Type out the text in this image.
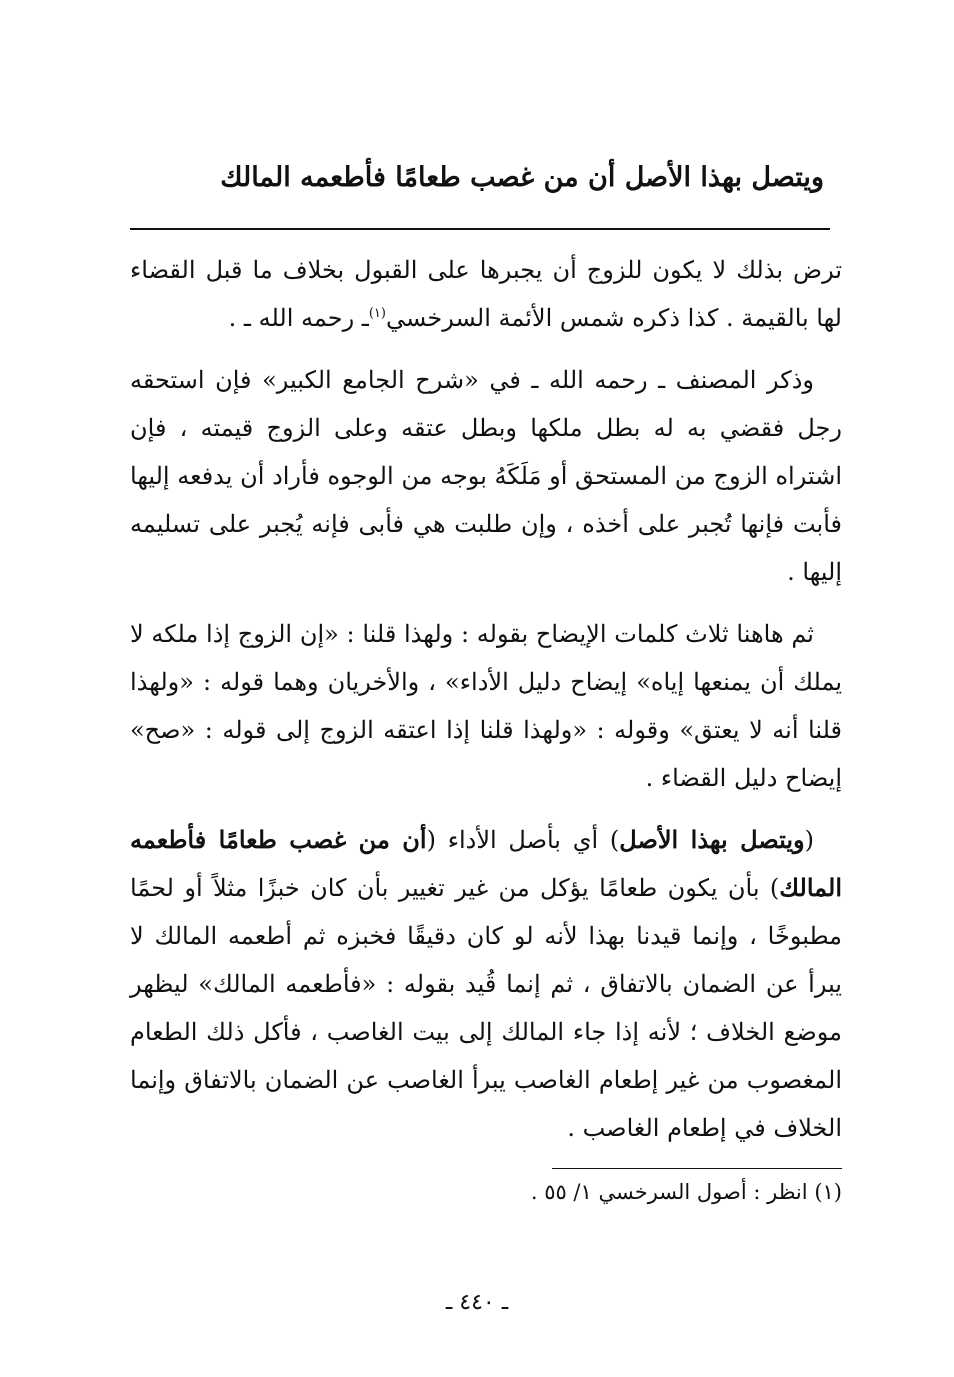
ويتصل بهذا الأصل أن من غصب طعامًا فأطعمه المالك

ترض بذلك لا يكون للزوج أن يجبرها على القبول بخلاف ما قبل القضاء لها بالقيمة . كذا ذكره شمس الأئمة السرخسي$^{(١)}$ـ رحمه الله ـ .

وذكر المصنف ـ رحمه الله ـ في «شرح الجامع الكبير» فإن استحقه رجل فقضي به له بطل ملكها وبطل عتقه وعلى الزوج قيمته ، فإن اشتراه الزوج من المستحق أو مَلَكَهُ بوجه من الوجوه فأراد أن يدفعه إليها فأبت فإنها تُجبر على أخذه ، وإن طلبت هي فأبى فإنه يُجبر على تسليمه إليها .

ثم هاهنا ثلاث كلمات الإيضاح بقوله : ولهذا قلنا : «إن الزوج إذا ملكه لا يملك أن يمنعها إياه» إيضاح دليل الأداء» ، والأخريان وهما قوله : «ولهذا قلنا أنه لا يعتق» وقوله : «ولهذا قلنا إذا اعتقه الزوج إلى قوله : «صح» إيضاح دليل القضاء .

(ويتصل بهذا الأصل) أي بأصل الأداء (أن من غصب طعامًا فأطعمه المالك) بأن يكون طعامًا يؤكل من غير تغيير بأن كان خبزًا مثلاً أو لحمًا مطبوخًا ، وإنما قيدنا بهذا لأنه لو كان دقيقًا فخبزه ثم أطعمه المالك لا يبرأ عن الضمان بالاتفاق ، ثم إنما قُيد بقوله : «فأطعمه المالك» ليظهر موضع الخلاف ؛ لأنه إذا جاء المالك إلى بيت الغاصب ، فأكل ذلك الطعام المغصوب من غير إطعام الغاصب يبرأ الغاصب عن الضمان بالاتفاق وإنما الخلاف في إطعام الغاصب .

(١) انظر : أصول السرخسي ١/ ٥٥ .
ـ ٤٤٠ ـ
